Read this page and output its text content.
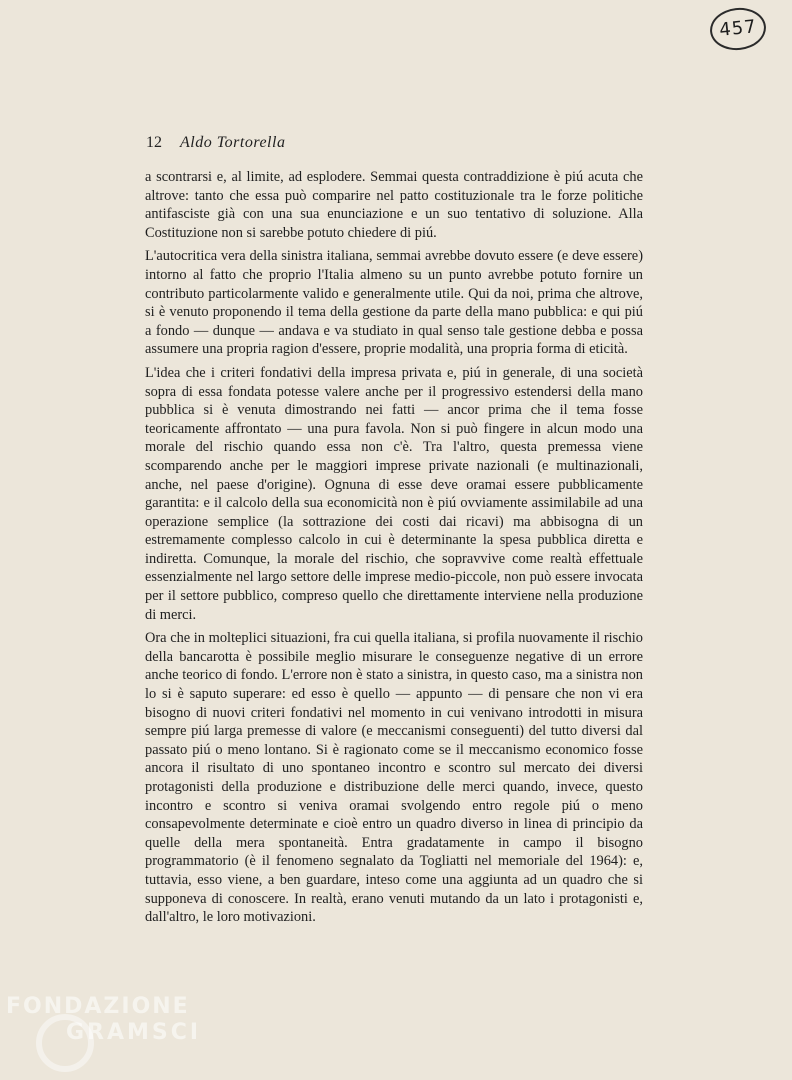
457
12 Aldo Tortorella

a scontrarsi e, al limite, ad esplodere. Semmai questa contraddizione è piú acuta che altrove: tanto che essa può comparire nel patto costituzionale tra le forze politiche antifasciste già con una sua enunciazione e un suo tentativo di soluzione. Alla Costituzione non si sarebbe potuto chiedere di piú.

L'autocritica vera della sinistra italiana, semmai avrebbe dovuto essere (e deve essere) intorno al fatto che proprio l'Italia almeno su un punto avrebbe potuto fornire un contributo particolarmente valido e generalmente utile. Qui da noi, prima che altrove, si è venuto proponendo il tema della gestione da parte della mano pubblica: e qui piú a fondo — dunque — andava e va studiato in qual senso tale gestione debba e possa assumere una propria ragion d'essere, proprie modalità, una propria forma di eticità.

L'idea che i criteri fondativi della impresa privata e, piú in generale, di una società sopra di essa fondata potesse valere anche per il progressivo estendersi della mano pubblica si è venuta dimostrando nei fatti — ancor prima che il tema fosse teoricamente affrontato — una pura favola. Non si può fingere in alcun modo una morale del rischio quando essa non c'è. Tra l'altro, questa premessa viene scomparendo anche per le maggiori imprese private nazionali (e multinazionali, anche, nel paese d'origine). Ognuna di esse deve oramai essere pubblicamente garantita: e il calcolo della sua economicità non è piú ovviamente assimilabile ad una operazione semplice (la sottrazione dei costi dai ricavi) ma abbisogna di un estremamente complesso calcolo in cui è determinante la spesa pubblica diretta e indiretta. Comunque, la morale del rischio, che sopravvive come realtà effettuale essenzialmente nel largo settore delle imprese medio-piccole, non può essere invocata per il settore pubblico, compreso quello che direttamente interviene nella produzione di merci.

Ora che in molteplici situazioni, fra cui quella italiana, si profila nuovamente il rischio della bancarotta è possibile meglio misurare le conseguenze negative di un errore anche teorico di fondo. L'errore non è stato a sinistra, in questo caso, ma a sinistra non lo si è saputo superare: ed esso è quello — appunto — di pensare che non vi era bisogno di nuovi criteri fondativi nel momento in cui venivano introdotti in misura sempre piú larga premesse di valore (e meccanismi conseguenti) del tutto diversi dal passato piú o meno lontano. Si è ragionato come se il meccanismo economico fosse ancora il risultato di uno spontaneo incontro e scontro sul mercato dei diversi protagonisti della produzione e distribuzione delle merci quando, invece, questo incontro e scontro si veniva oramai svolgendo entro regole piú o meno consapevolmente determinate e cioè entro un quadro diverso in linea di principio da quelle della mera spontaneità. Entra gradatamente in campo il bisogno programmatorio (è il fenomeno segnalato da Togliatti nel memoriale del 1964): e, tuttavia, esso viene, a ben guardare, inteso come una aggiunta ad un quadro che si supponeva di conoscere. In realtà, erano venuti mutando da un lato i protagonisti e, dall'altro, le loro motivazioni.

FONDAZIONE
GRAMSCI
